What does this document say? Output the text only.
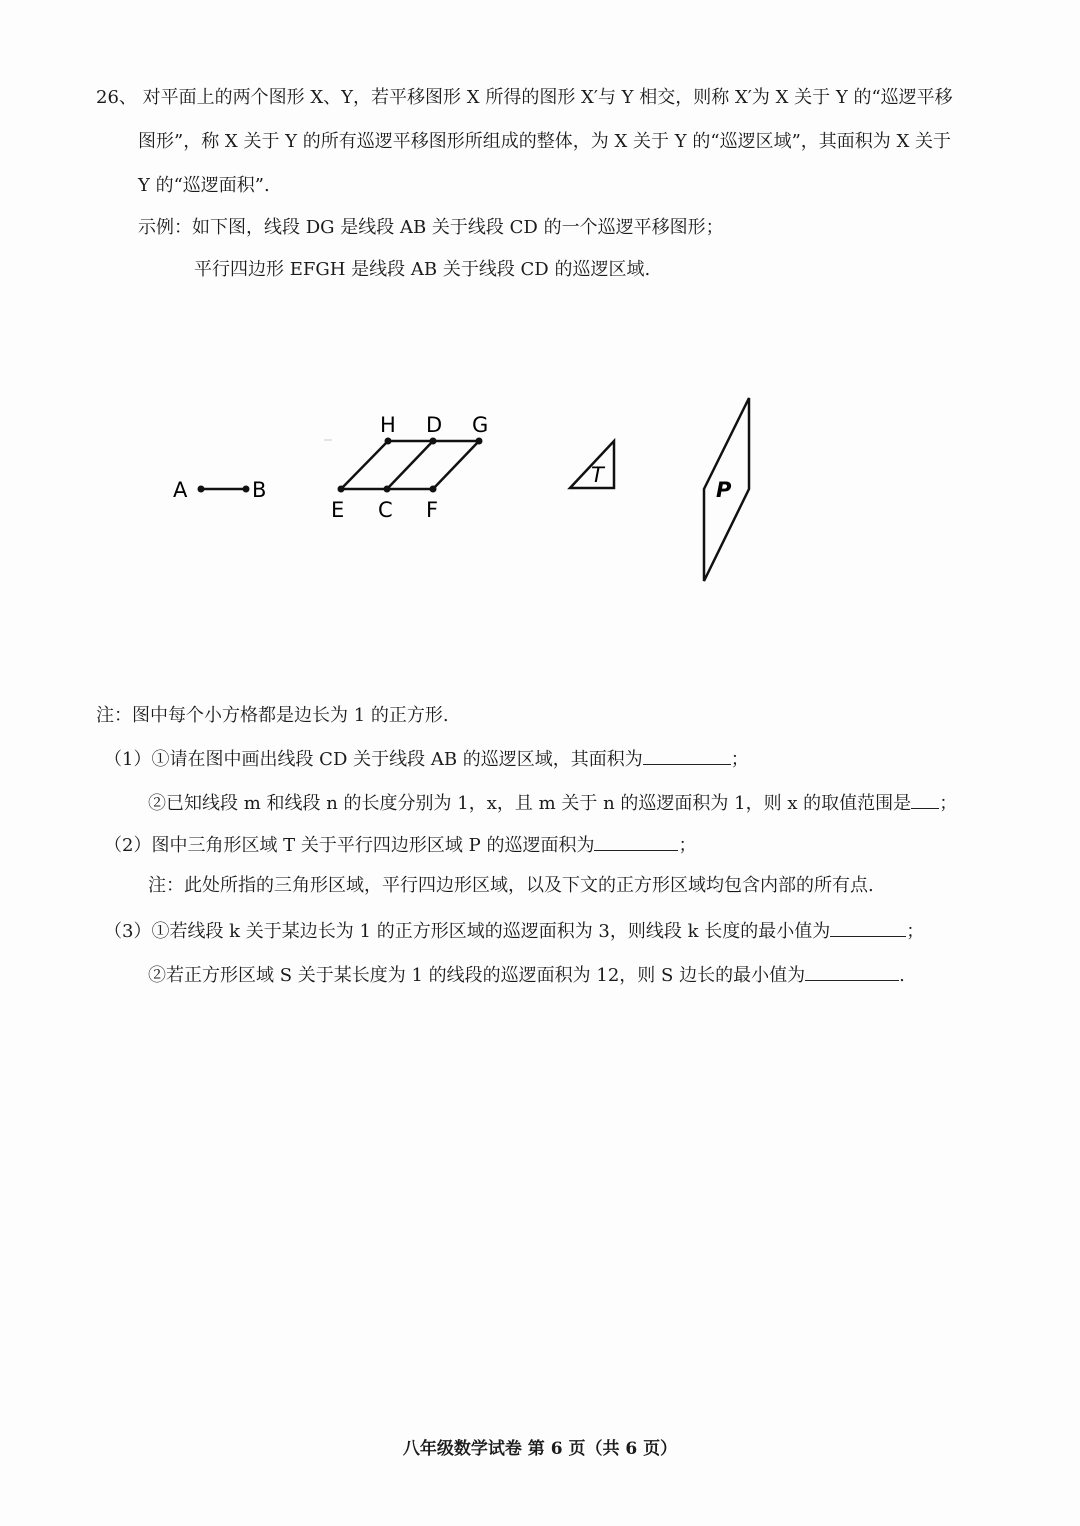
26、 对平面上的两个图形 X、Y，若平移图形 X 所得的图形 X′与 Y 相交，则称 X′为 X 关于 Y 的“巡逻平移
图形”，称 X 关于 Y 的所有巡逻平移图形所组成的整体，为 X 关于 Y 的“巡逻区域”，其面积为 X 关于
Y 的“巡逻面积”.
示例：如下图，线段 DG 是线段 AB 关于线段 CD 的一个巡逻平移图形；
平行四边形 EFGH 是线段 AB 关于线段 CD 的巡逻区域.
A	B
H D G
E C F
T
P
注：图中每个小方格都是边长为 1 的正方形.
（1）①请在图中画出线段 CD 关于线段 AB 的巡逻区域，其面积为	；
②已知线段 m 和线段 n 的长度分别为 1，x，且 m 关于 n 的巡逻面积为 1，则 x 的取值范围是 ；
（2）图中三角形区域 T 关于平行四边形区域 P 的巡逻面积为	；
注：此处所指的三角形区域，平行四边形区域，以及下文的正方形区域均包含内部的所有点.
（3）①若线段 k 关于某边长为 1 的正方形区域的巡逻面积为 3，则线段 k 长度的最小值为	；
②若正方形区域 S 关于某长度为 1 的线段的巡逻面积为 12，则 S 边长的最小值为	.
八年级数学试卷 第 6 页（共 6 页）
